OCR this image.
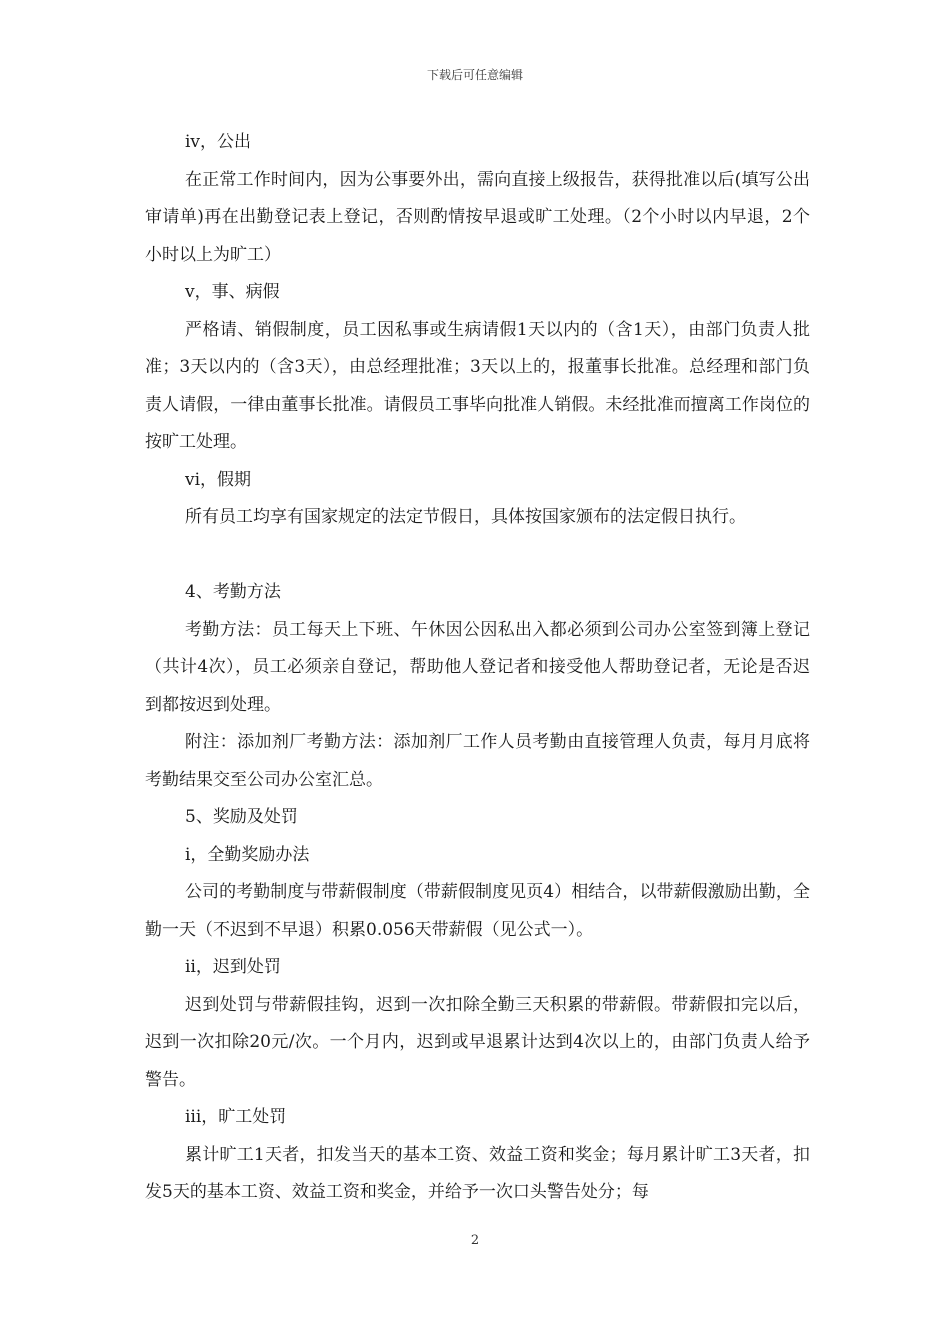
下载后可任意编辑

iv，公出

在正常工作时间内，因为公事要外出，需向直接上级报告，获得批准以后(填写公出审请单)再在出勤登记表上登记，否则酌情按早退或旷工处理。（2个小时以内早退，2个小时以上为旷工）

v，事、病假

严格请、销假制度，员工因私事或生病请假1天以内的（含1天），由部门负责人批准；3天以内的（含3天），由总经理批准；3天以上的，报董事长批准。总经理和部门负责人请假，一律由董事长批准。请假员工事毕向批准人销假。未经批准而擅离工作岗位的按旷工处理。

vi，假期

所有员工均享有国家规定的法定节假日，具体按国家颁布的法定假日执行。

4、考勤方法

考勤方法：员工每天上下班、午休因公因私出入都必须到公司办公室签到簿上登记（共计4次），员工必须亲自登记，帮助他人登记者和接受他人帮助登记者，无论是否迟到都按迟到处理。

附注：添加剂厂考勤方法：添加剂厂工作人员考勤由直接管理人负责，每月月底将考勤结果交至公司办公室汇总。

5、奖励及处罚

ⅰ，全勤奖励办法

公司的考勤制度与带薪假制度（带薪假制度见页4）相结合，以带薪假激励出勤，全勤一天（不迟到不早退）积累0.056天带薪假（见公式一）。

ⅱ，迟到处罚

迟到处罚与带薪假挂钩，迟到一次扣除全勤三天积累的带薪假。带薪假扣完以后，迟到一次扣除20元/次。一个月内，迟到或早退累计达到4次以上的，由部门负责人给予警告。

ⅲ，旷工处罚

累计旷工1天者，扣发当天的基本工资、效益工资和奖金；每月累计旷工3天者，扣发5天的基本工资、效益工资和奖金，并给予一次口头警告处分；每

2
